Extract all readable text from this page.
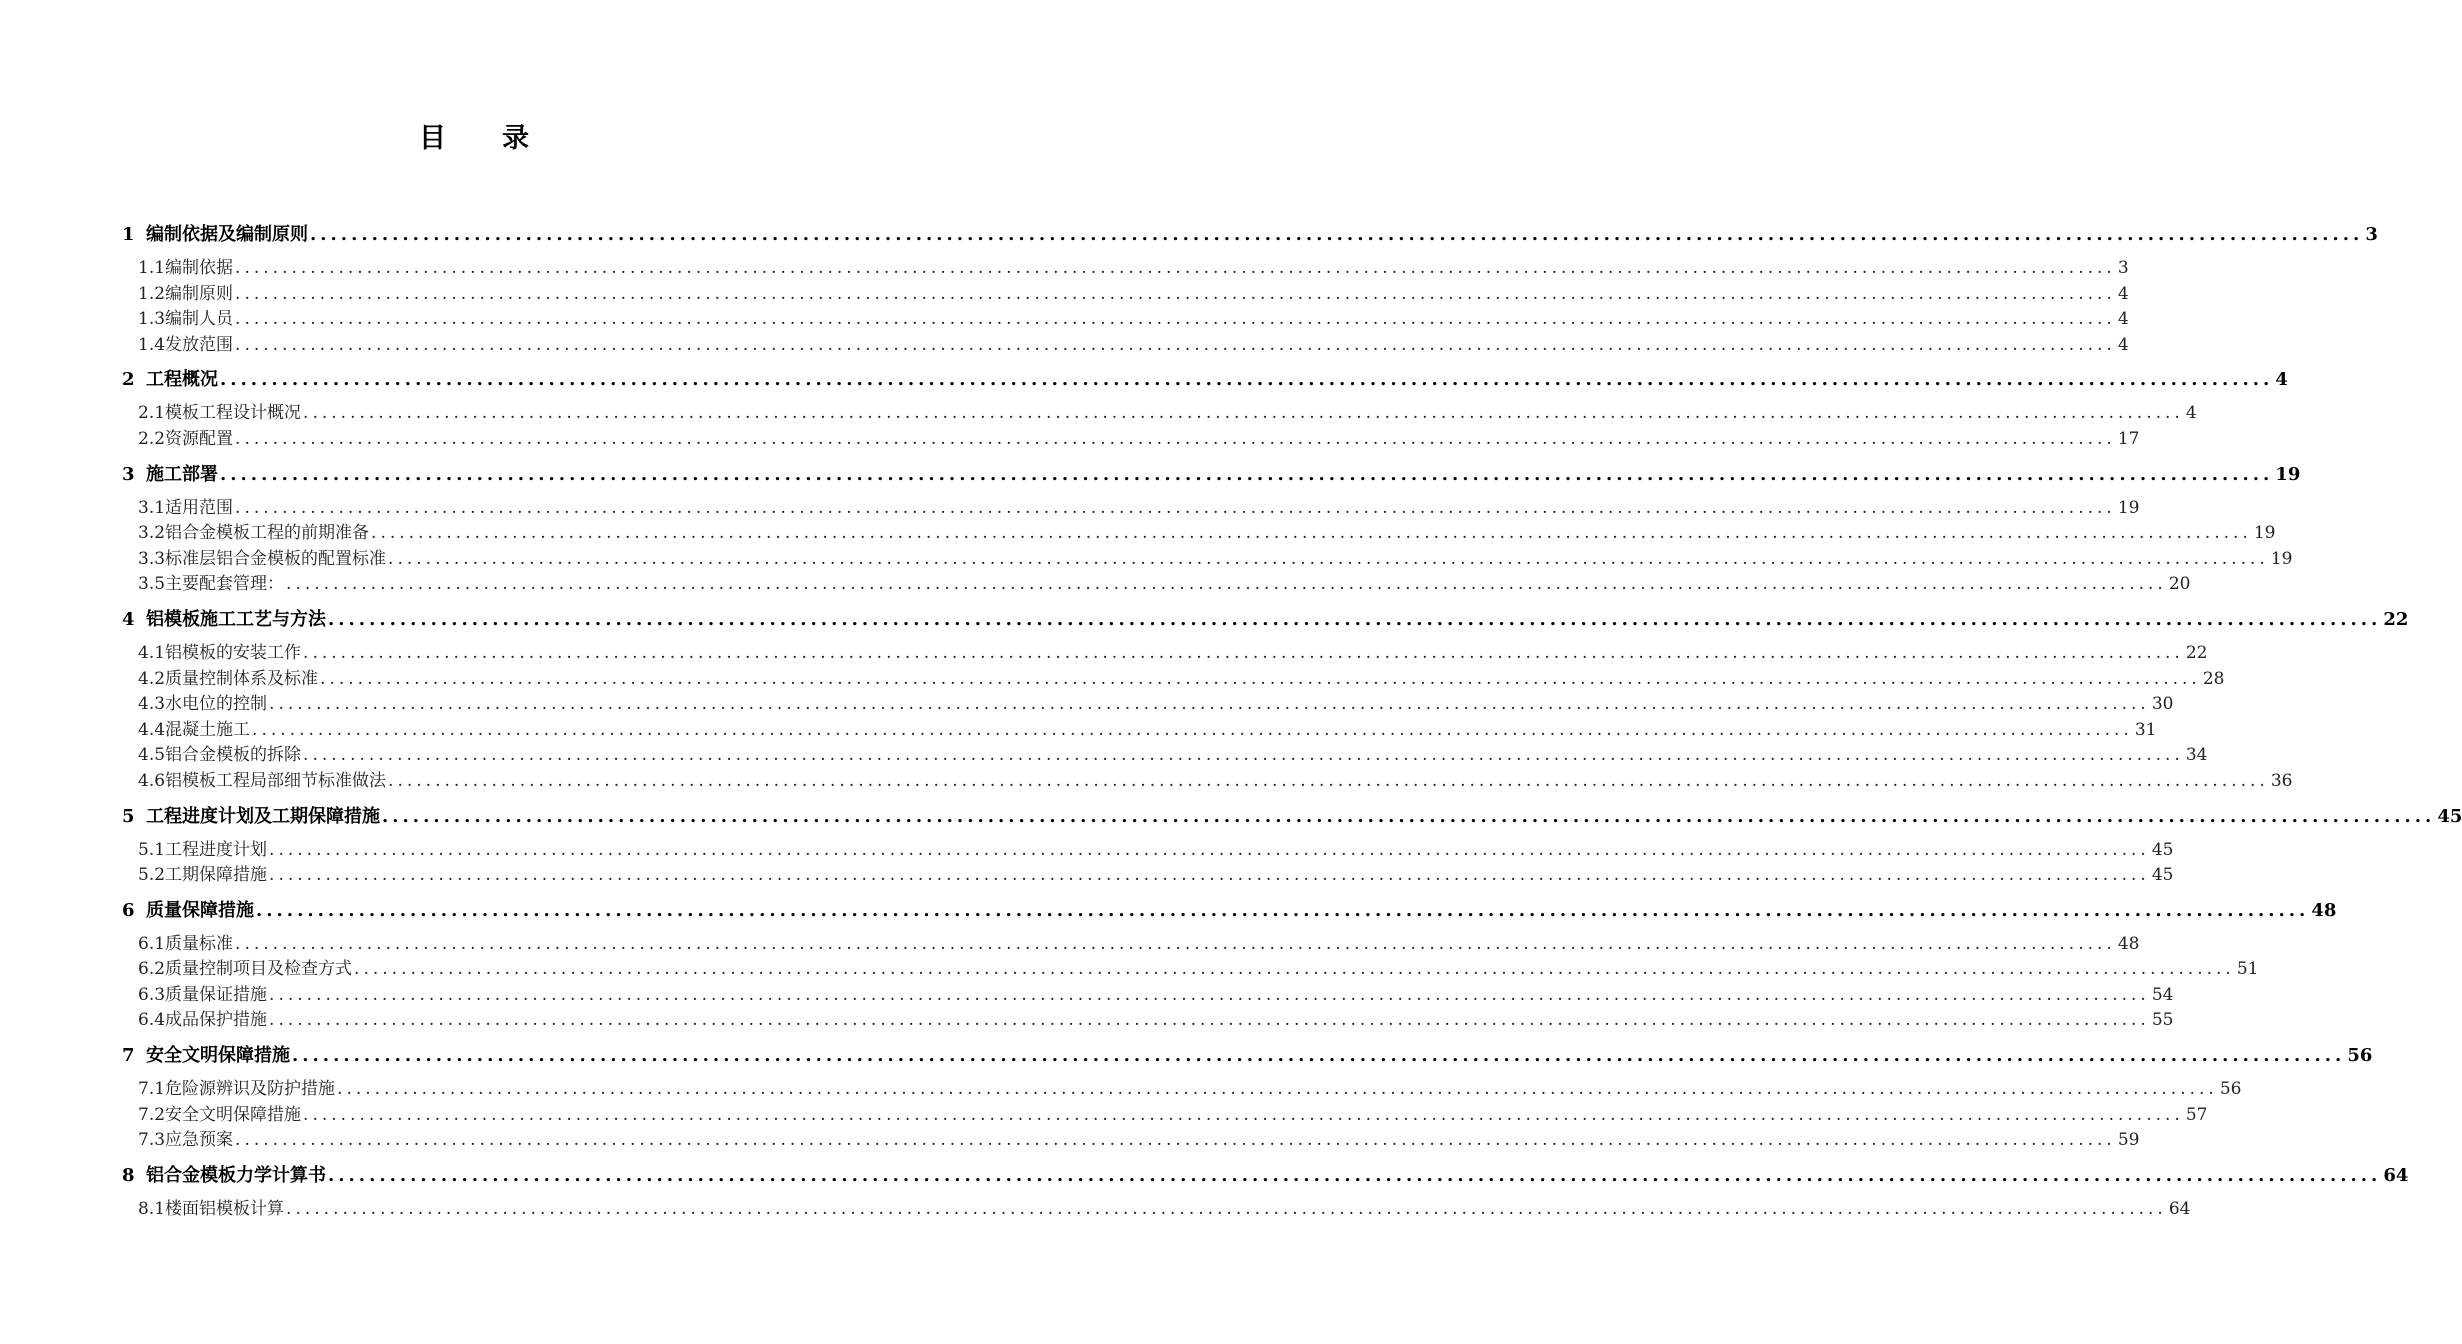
目 录
1 编制依据及编制原则 ........................................................................................................................................................................................................ 3
1.1编制依据 ........................................................................................................................................................................................................ 3
1.2编制原则 ........................................................................................................................................................................................................ 4
1.3编制人员 ........................................................................................................................................................................................................ 4
1.4发放范围 ........................................................................................................................................................................................................ 4
2 工程概况 ........................................................................................................................................................................................................ 4
2.1模板工程设计概况 ........................................................................................................................................................................................................ 4
2.2资源配置 ........................................................................................................................................................................................................ 17
3 施工部署 ........................................................................................................................................................................................................ 19
3.1适用范围 ........................................................................................................................................................................................................ 19
3.2铝合金模板工程的前期准备 ........................................................................................................................................................................................................ 19
3.3标准层铝合金模板的配置标准 ........................................................................................................................................................................................................ 19
3.5主要配套管理： ........................................................................................................................................................................................................ 20
4 铝模板施工工艺与方法 ........................................................................................................................................................................................................ 22
4.1铝模板的安装工作 ........................................................................................................................................................................................................ 22
4.2质量控制体系及标准 ........................................................................................................................................................................................................ 28
4.3水电位的控制 ........................................................................................................................................................................................................ 30
4.4混凝土施工 ........................................................................................................................................................................................................ 31
4.5铝合金模板的拆除 ........................................................................................................................................................................................................ 34
4.6铝模板工程局部细节标准做法 ........................................................................................................................................................................................................ 36
5 工程进度计划及工期保障措施 ........................................................................................................................................................................................................ 45
5.1工程进度计划 ........................................................................................................................................................................................................ 45
5.2工期保障措施 ........................................................................................................................................................................................................ 45
6 质量保障措施 ........................................................................................................................................................................................................ 48
6.1质量标准 ........................................................................................................................................................................................................ 48
6.2质量控制项目及检查方式 ........................................................................................................................................................................................................ 51
6.3质量保证措施 ........................................................................................................................................................................................................ 54
6.4成品保护措施 ........................................................................................................................................................................................................ 55
7 安全文明保障措施 ........................................................................................................................................................................................................ 56
7.1危险源辨识及防护措施 ........................................................................................................................................................................................................ 56
7.2安全文明保障措施 ........................................................................................................................................................................................................ 57
7.3应急预案 ........................................................................................................................................................................................................ 59
8 铝合金模板力学计算书 ........................................................................................................................................................................................................ 64
8.1楼面铝模板计算 ........................................................................................................................................................................................................ 64
